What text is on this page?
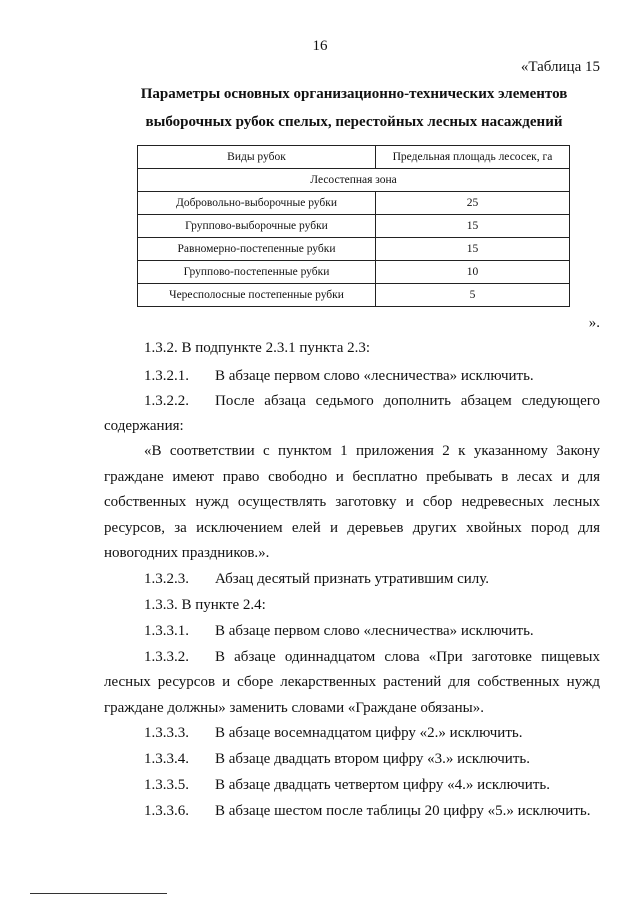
16
«Таблица 15
Параметры основных организационно-технических элементов
выборочных рубок спелых, перестойных лесных насаждений
Виды рубок	Предельная площадь лесосек, га
Лесостепная зона	
Добровольно-выборочные рубки	25
Группово-выборочные рубки	15
Равномерно-постепенные рубки	15
Группово-постепенные рубки	10
Чересполосные постепенные рубки	5
».
1.3.2. В подпункте 2.3.1 пункта 2.3:
1.3.2.1. В абзаце первом слово «лесничества» исключить.
1.3.2.2. После абзаца седьмого дополнить абзацем следующего
содержания:
«В соответствии с пунктом 1 приложения 2 к указанному Закону
граждане имеют право свободно и бесплатно пребывать в лесах и для
собственных нужд осуществлять заготовку и сбор недревесных лесных
ресурсов, за исключением елей и деревьев других хвойных пород для
новогодних праздников.».
1.3.2.3. Абзац десятый признать утратившим силу.
1.3.3. В пункте 2.4:
1.3.3.1. В абзаце первом слово «лесничества» исключить.
1.3.3.2. В абзаце одиннадцатом слова «При заготовке пищевых
лесных ресурсов и сборе лекарственных растений для собственных нужд
граждане должны» заменить словами «Граждане обязаны».
1.3.3.3. В абзаце восемнадцатом цифру «2.» исключить.
1.3.3.4. В абзаце двадцать втором цифру «3.» исключить.
1.3.3.5. В абзаце двадцать четвертом цифру «4.» исключить.
1.3.3.6. В абзаце шестом после таблицы 20 цифру «5.» исключить.
